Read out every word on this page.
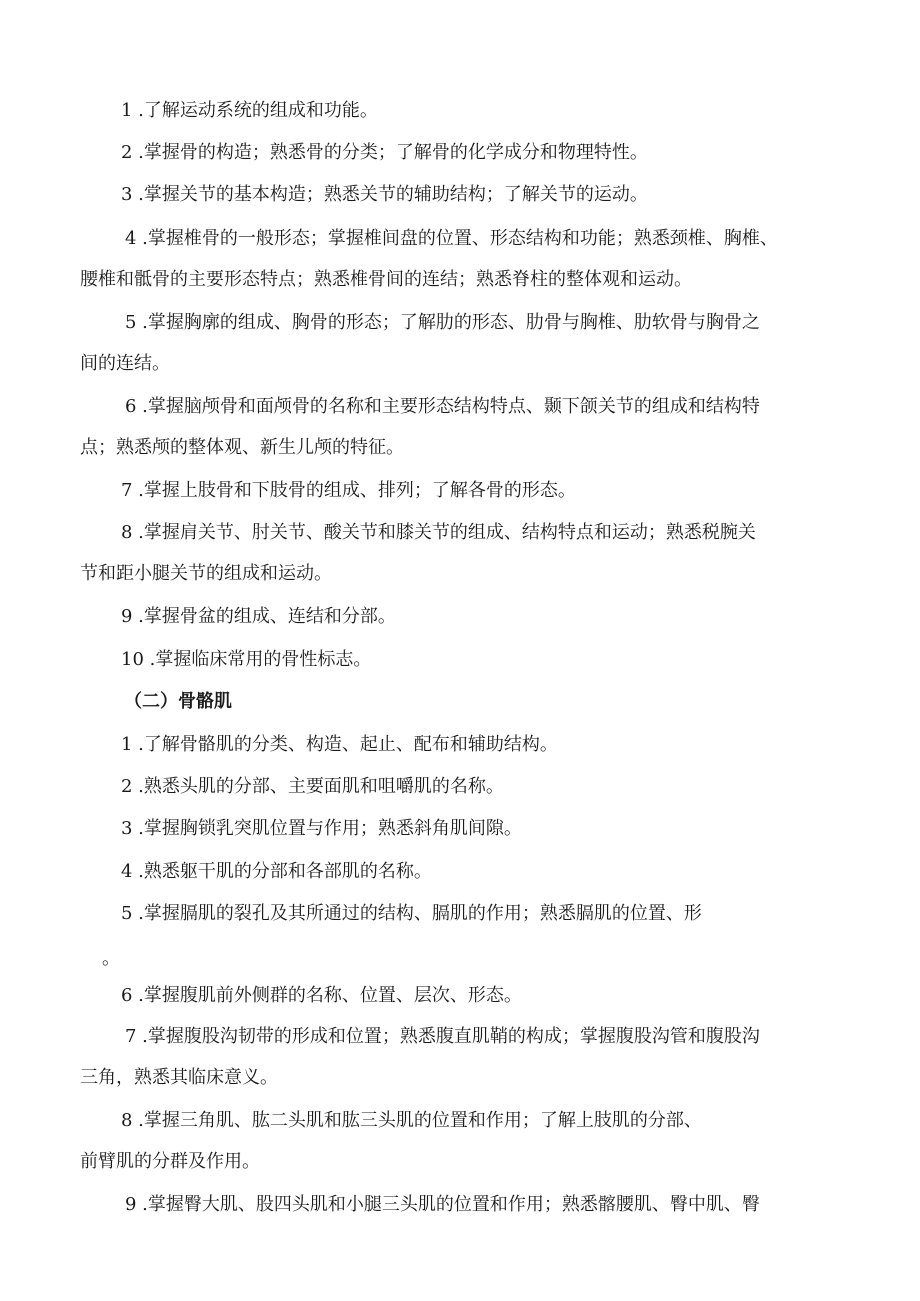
1 .了解运动系统的组成和功能。
2 .掌握骨的构造；熟悉骨的分类；了解骨的化学成分和物理特性。
3 .掌握关节的基本构造；熟悉关节的辅助结构；了解关节的运动。
4 .掌握椎骨的一般形态；掌握椎间盘的位置、形态结构和功能；熟悉颈椎、胸椎、
腰椎和骶骨的主要形态特点；熟悉椎骨间的连结；熟悉脊柱的整体观和运动。
5 .掌握胸廓的组成、胸骨的形态；了解肋的形态、肋骨与胸椎、肋软骨与胸骨之
间的连结。
6 .掌握脑颅骨和面颅骨的名称和主要形态结构特点、颞下颌关节的组成和结构特
点；熟悉颅的整体观、新生儿颅的特征。
7 .掌握上肢骨和下肢骨的组成、排列；了解各骨的形态。
8 .掌握肩关节、肘关节、酸关节和膝关节的组成、结构特点和运动；熟悉税腕关
节和距小腿关节的组成和运动。
9 .掌握骨盆的组成、连结和分部。
10 .掌握临床常用的骨性标志。
（二）骨骼肌
1 .了解骨骼肌的分类、构造、起止、配布和辅助结构。
2 .熟悉头肌的分部、主要面肌和咀嚼肌的名称。
3 .掌握胸锁乳突肌位置与作用；熟悉斜角肌间隙。
4 .熟悉躯干肌的分部和各部肌的名称。
5 .掌握膈肌的裂孔及其所通过的结构、膈肌的作用；熟悉膈肌的位置、形
。
6 .掌握腹肌前外侧群的名称、位置、层次、形态。
7 .掌握腹股沟韧带的形成和位置；熟悉腹直肌鞘的构成；掌握腹股沟管和腹股沟
三角，熟悉其临床意义。
8 .掌握三角肌、肱二头肌和肱三头肌的位置和作用；了解上肢肌的分部、
前臂肌的分群及作用。
9 .掌握臀大肌、股四头肌和小腿三头肌的位置和作用；熟悉髂腰肌、臀中肌、臀
